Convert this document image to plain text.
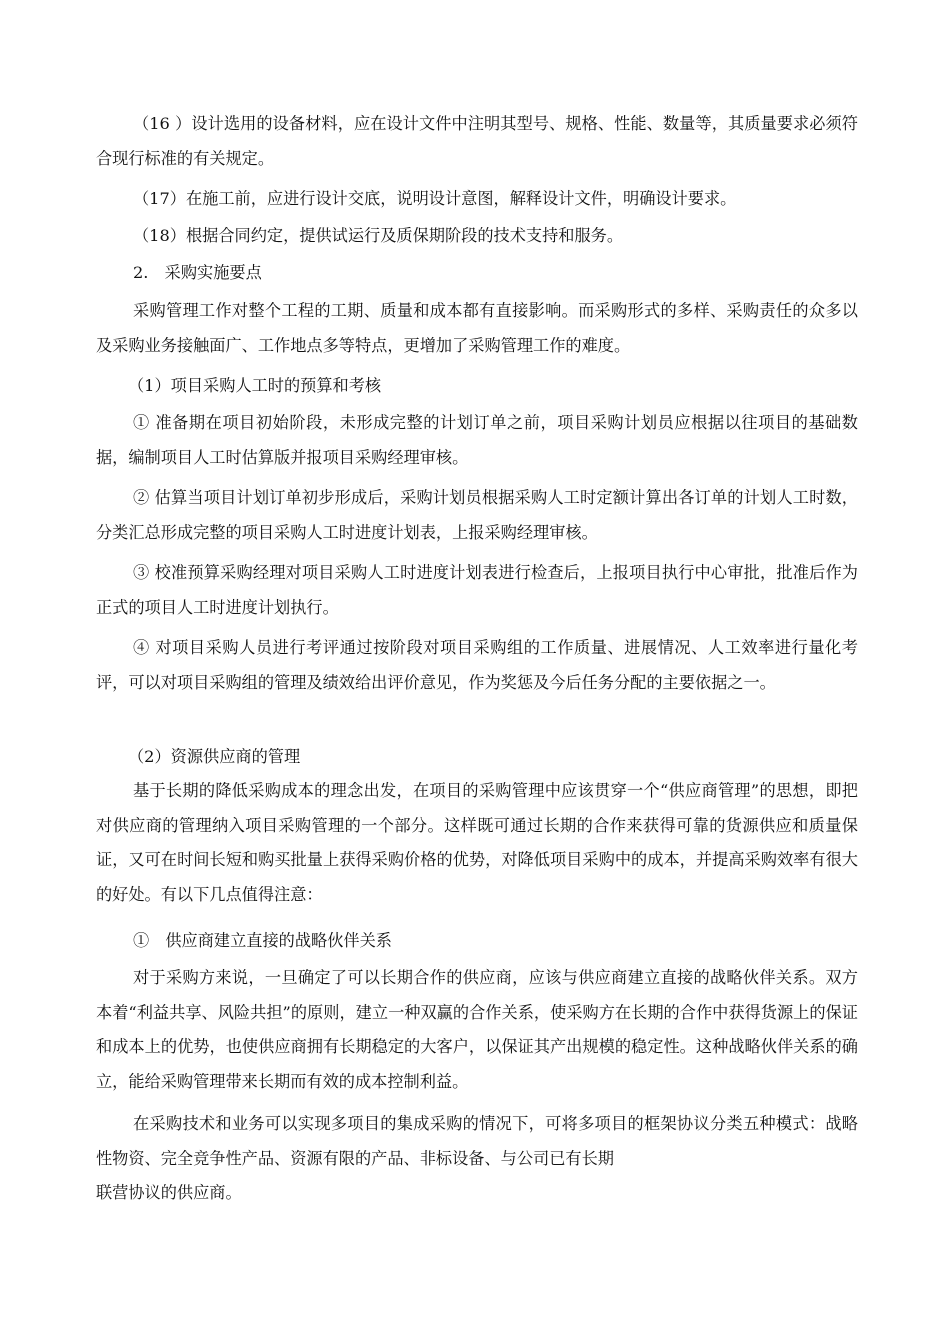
（16 ）设计选用的设备材料，应在设计文件中注明其型号、规格、性能、数量等，其质量要求必须符合现行标准的有关规定。

（17）在施工前，应进行设计交底，说明设计意图，解释设计文件，明确设计要求。

（18）根据合同约定，提供试运行及质保期阶段的技术支持和服务。

2.　采购实施要点

采购管理工作对整个工程的工期、质量和成本都有直接影响。而采购形式的多样、采购责任的众多以及采购业务接触面广、工作地点多等特点，更增加了采购管理工作的难度。

（1）项目采购人工时的预算和考核

① 准备期在项目初始阶段，未形成完整的计划订单之前，项目采购计划员应根据以往项目的基础数据，编制项目人工时估算版并报项目采购经理审核。

② 估算当项目计划订单初步形成后，采购计划员根据采购人工时定额计算出各订单的计划人工时数，分类汇总形成完整的项目采购人工时进度计划表，上报采购经理审核。

③ 校准预算采购经理对项目采购人工时进度计划表进行检查后，上报项目执行中心审批，批准后作为正式的项目人工时进度计划执行。

④ 对项目采购人员进行考评通过按阶段对项目采购组的工作质量、进展情况、人工效率进行量化考评，可以对项目采购组的管理及绩效给出评价意见，作为奖惩及今后任务分配的主要依据之一。

（2）资源供应商的管理

基于长期的降低采购成本的理念出发，在项目的采购管理中应该贯穿一个“供应商管理”的思想，即把对供应商的管理纳入项目采购管理的一个部分。这样既可通过长期的合作来获得可靠的货源供应和质量保证，又可在时间长短和购买批量上获得采购价格的优势，对降低项目采购中的成本，并提高采购效率有很大的好处。有以下几点值得注意：

①　供应商建立直接的战略伙伴关系

对于采购方来说，一旦确定了可以长期合作的供应商，应该与供应商建立直接的战略伙伴关系。双方本着“利益共享、风险共担”的原则，建立一种双赢的合作关系，使采购方在长期的合作中获得货源上的保证和成本上的优势，也使供应商拥有长期稳定的大客户，以保证其产出规模的稳定性。这种战略伙伴关系的确立，能给采购管理带来长期而有效的成本控制利益。

在采购技术和业务可以实现多项目的集成采购的情况下，可将多项目的框架协议分类五种模式：战略性物资、完全竞争性产品、资源有限的产品、非标设备、与公司已有长期

联营协议的供应商。
